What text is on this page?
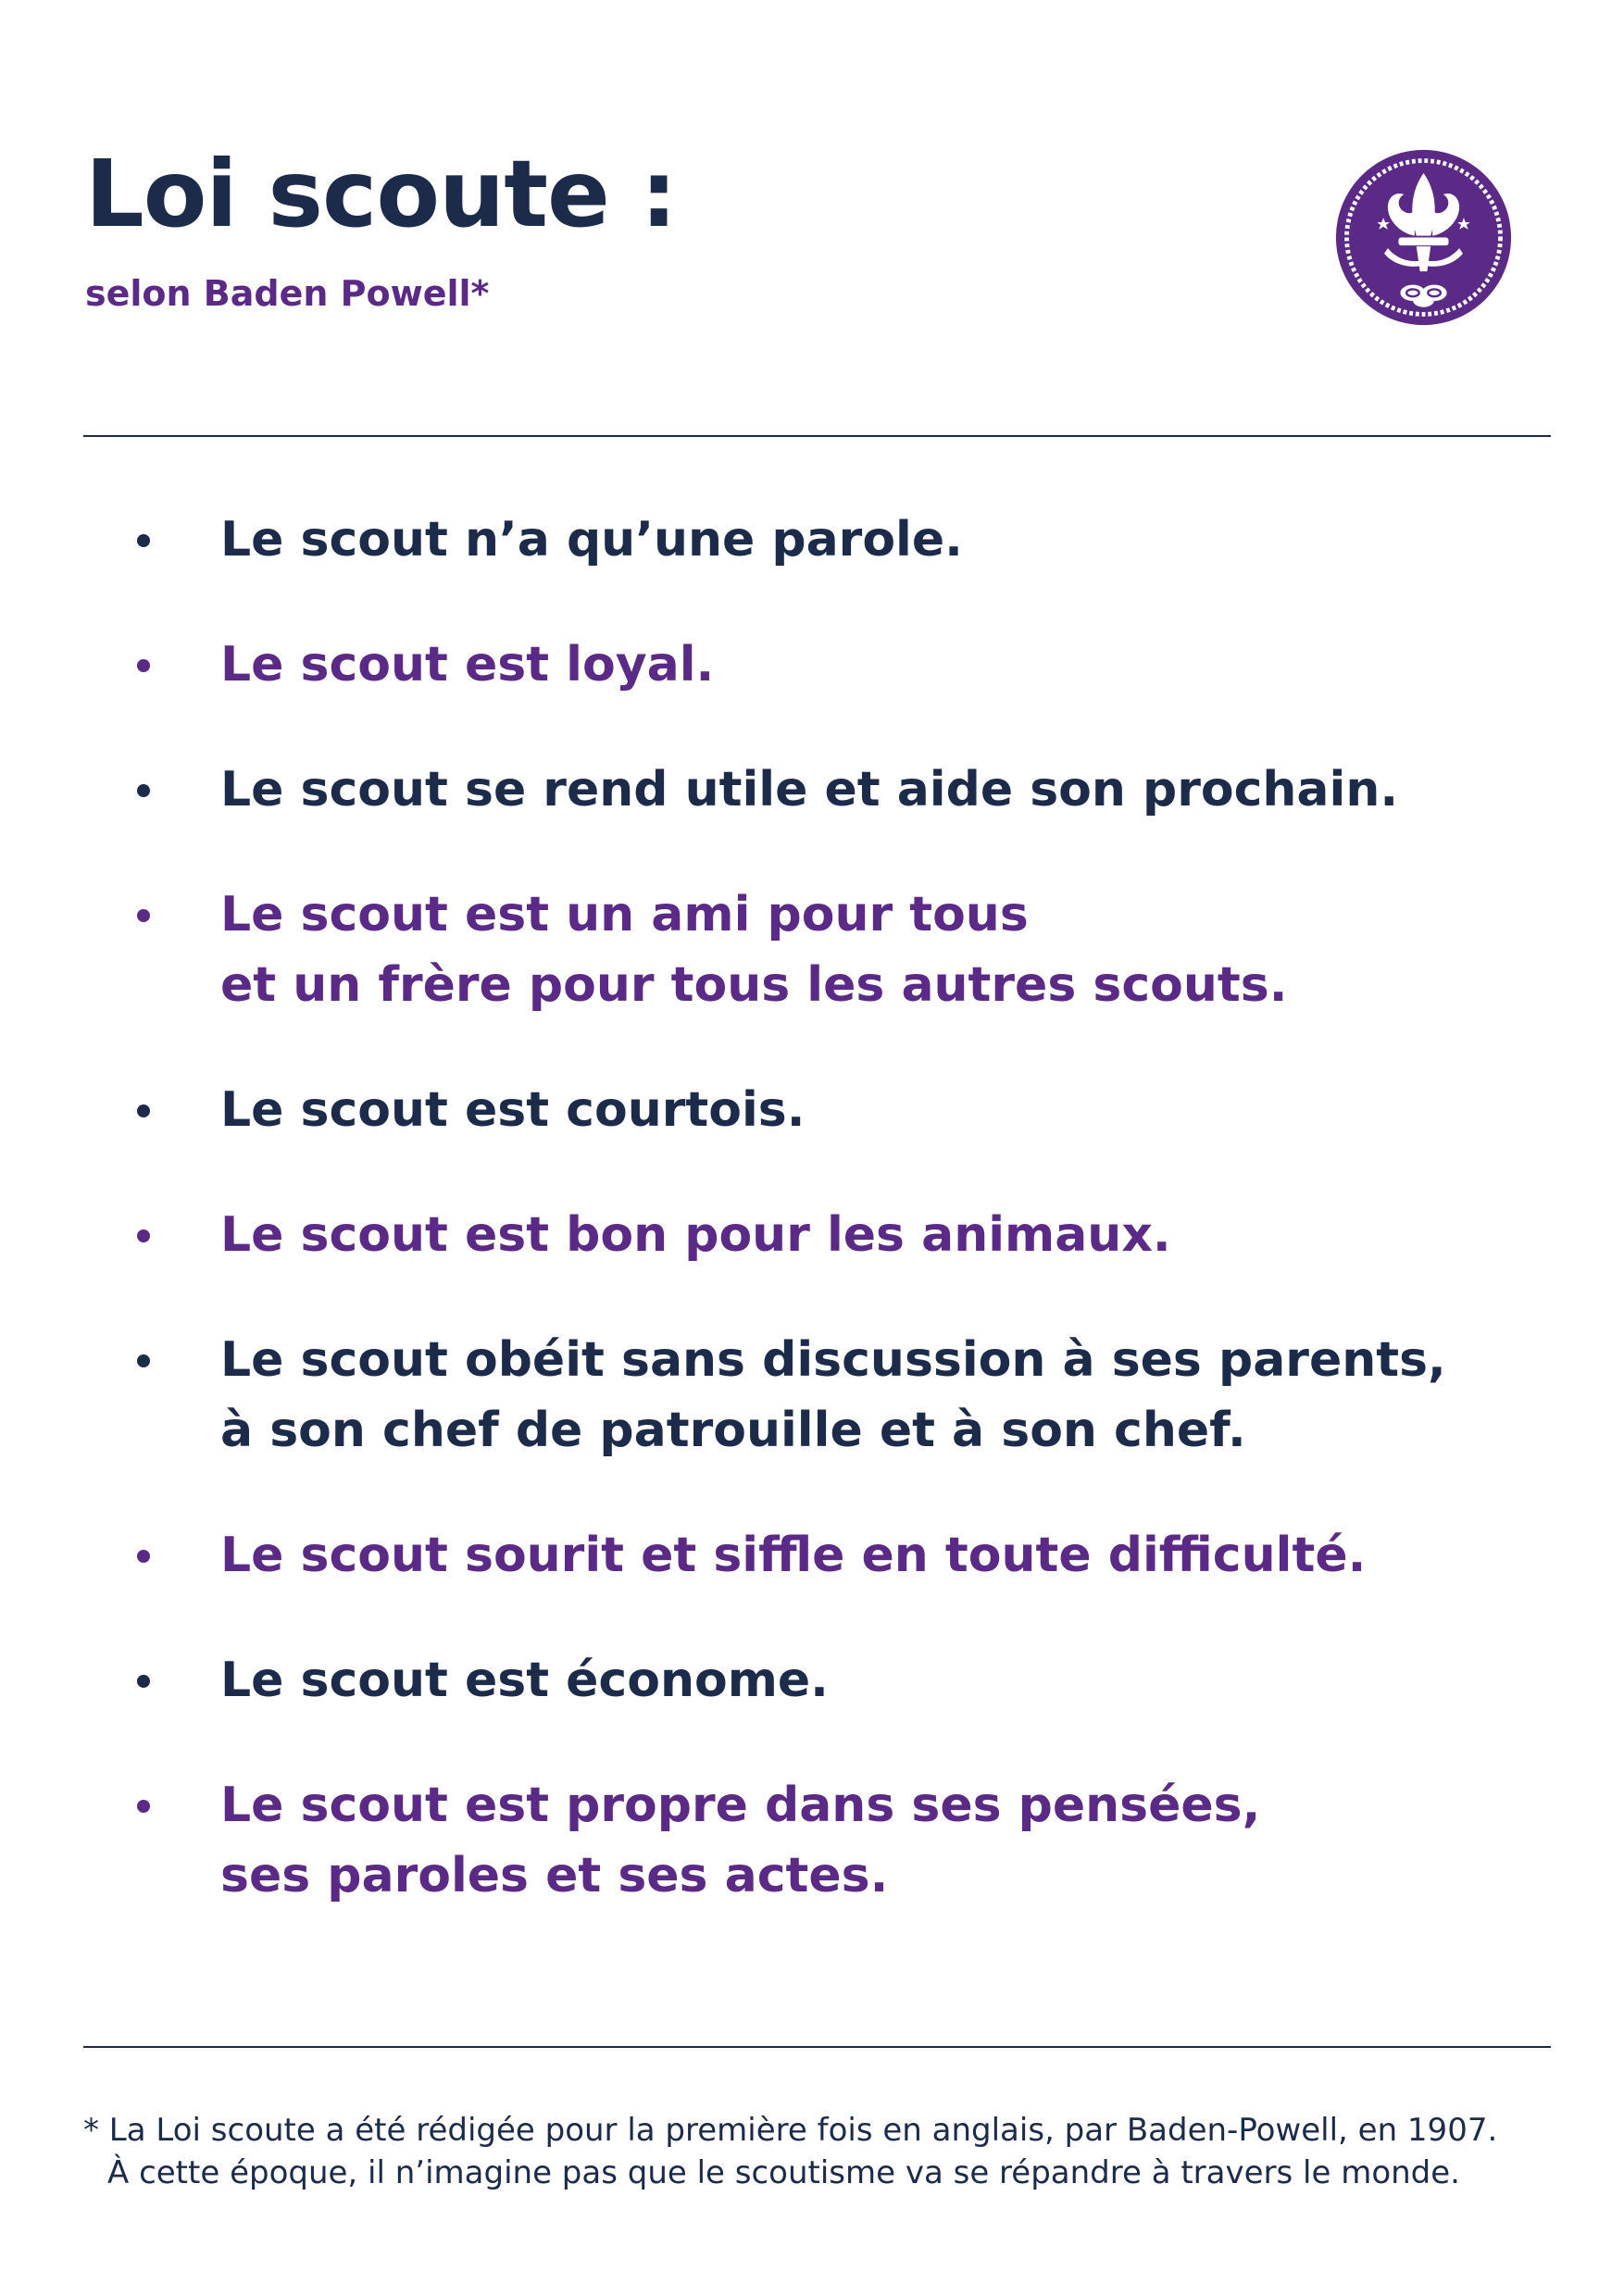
Loi scoute :
selon Baden Powell*
Le scout n’a qu’une parole.
Le scout est loyal.
Le scout se rend utile et aide son prochain.
Le scout est un ami pour tous
et un frère pour tous les autres scouts.
Le scout est courtois.
Le scout est bon pour les animaux.
Le scout obéit sans discussion à ses parents,
à son chef de patrouille et à son chef.
Le scout sourit et siffle en toute difficulté.
Le scout est économe.
Le scout est propre dans ses pensées,
ses paroles et ses actes.
* La Loi scoute a été rédigée pour la première fois en anglais, par Baden-Powell, en 1907.
À cette époque, il n’imagine pas que le scoutisme va se répandre à travers le monde.
